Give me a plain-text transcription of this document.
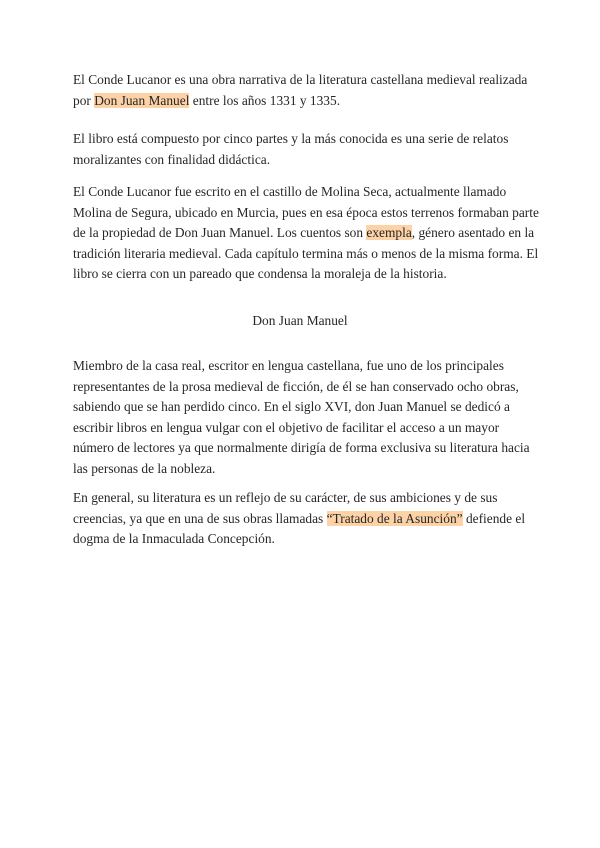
El Conde Lucanor es una obra narrativa de la literatura castellana medieval realizada por Don Juan Manuel entre los años 1331 y 1335.

El libro está compuesto por cinco partes y la más conocida es una serie de relatos moralizantes con finalidad didáctica.

El Conde Lucanor fue escrito en el castillo de Molina Seca, actualmente llamado Molina de Segura, ubicado en Murcia, pues en esa época estos terrenos formaban parte de la propiedad de Don Juan Manuel. Los cuentos son exempla, género asentado en la tradición literaria medieval. Cada capítulo termina más o menos de la misma forma. El libro se cierra con un pareado que condensa la moraleja de la historia.

Don Juan Manuel

Miembro de la casa real, escritor en lengua castellana, fue uno de los principales representantes de la prosa medieval de ficción, de él se han conservado ocho obras, sabiendo que se han perdido cinco. En el siglo XVI, don Juan Manuel se dedicó a escribir libros en lengua vulgar con el objetivo de facilitar el acceso a un mayor número de lectores ya que normalmente dirigía de forma exclusiva su literatura hacia las personas de la nobleza.

En general, su literatura es un reflejo de su carácter, de sus ambiciones y de sus creencias, ya que en una de sus obras llamadas “Tratado de la Asunción” defiende el dogma de la Inmaculada Concepción.
